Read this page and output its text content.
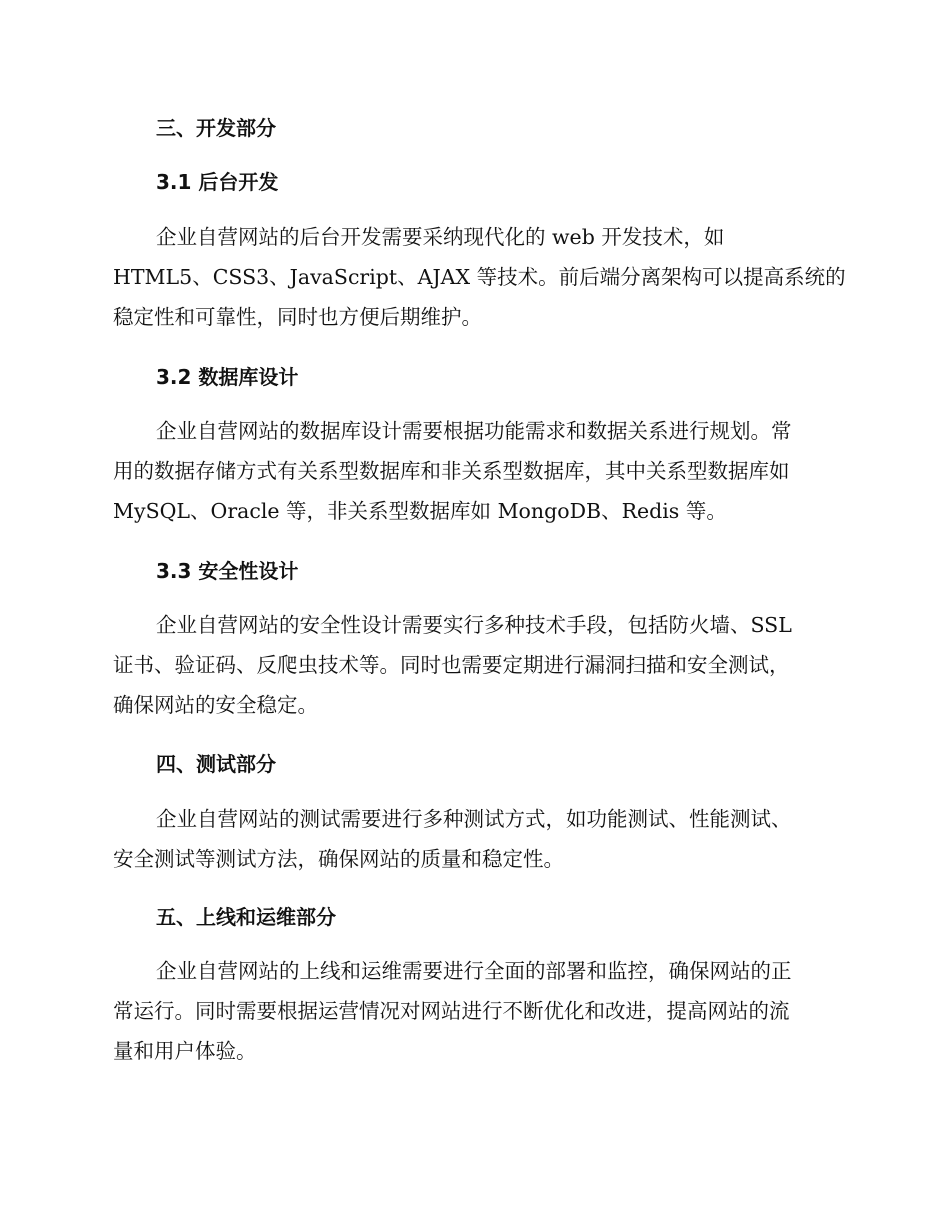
三、开发部分
3.1 后台开发

企业自营网站的后台开发需要采纳现代化的 web 开发技术，如
HTML5、CSS3、JavaScript、AJAX 等技术。前后端分离架构可以提高系统的
稳定性和可靠性，同时也方便后期维护。

3.2 数据库设计

企业自营网站的数据库设计需要根据功能需求和数据关系进行规划。常
用的数据存储方式有关系型数据库和非关系型数据库，其中关系型数据库如
MySQL、Oracle 等，非关系型数据库如 MongoDB、Redis 等。

3.3 安全性设计

企业自营网站的安全性设计需要实行多种技术手段，包括防火墙、SSL
证书、验证码、反爬虫技术等。同时也需要定期进行漏洞扫描和安全测试，
确保网站的安全稳定。

四、测试部分

企业自营网站的测试需要进行多种测试方式，如功能测试、性能测试、
安全测试等测试方法，确保网站的质量和稳定性。

五、上线和运维部分

企业自营网站的上线和运维需要进行全面的部署和监控，确保网站的正
常运行。同时需要根据运营情况对网站进行不断优化和改进，提高网站的流
量和用户体验。
